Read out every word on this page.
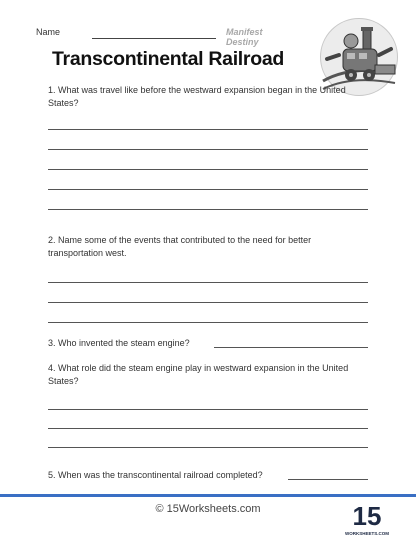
Name	Manifest Destiny
Transcontinental Railroad
1. What was travel like before the westward expansion began in the United States?
2. Name some of the events that contributed to the need for better transportation west.
3. Who invented the steam engine?
4. What role did the steam engine play in westward expansion in the United States?
5. When was the transcontinental railroad completed?
© 15Worksheets.com	15
WORKSHEETS.COM
